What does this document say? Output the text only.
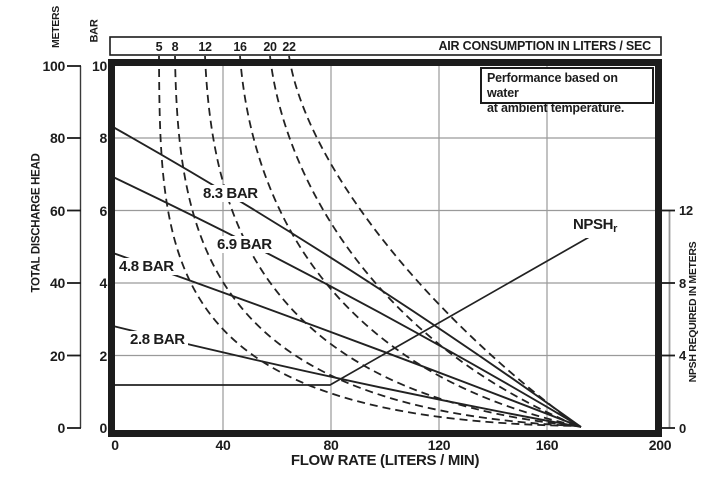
METERS BAR
TOTAL DISCHARGE HEAD
NPSH REQUIRED IN METERS
100
80
60
40
20
0
10
8
6
4
2
0
12
8
4
0
0	40	80	120	160	200
5 8	12	16	20 22	AIR CONSUMPTION IN LITERS / SEC
Performance based on water
at ambient temperature.
8.3 BAR
6.9 BAR
4.8 BAR
2.8 BAR
$NPSH_r$
FLOW RATE (LITERS / MIN)
